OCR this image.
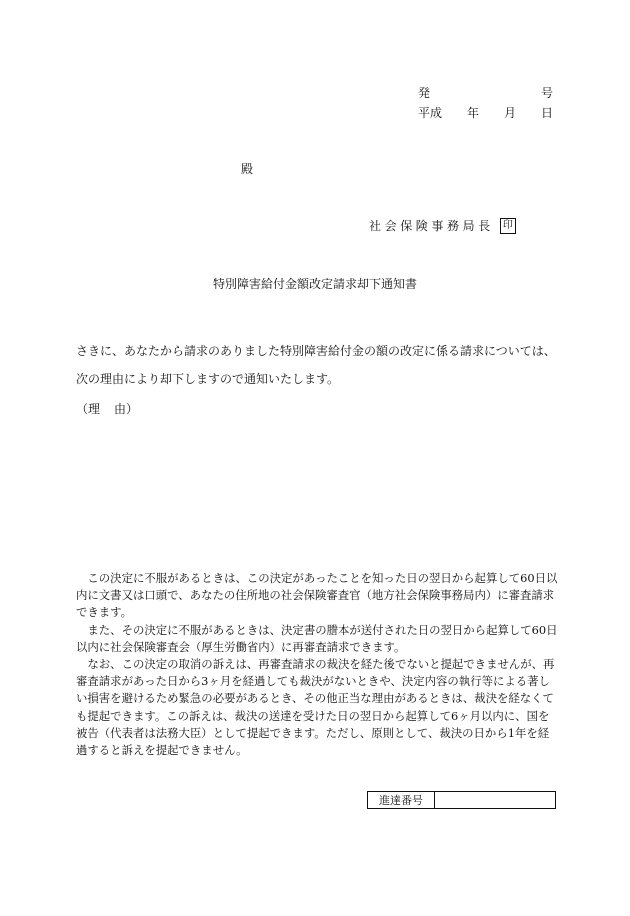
発	号
平成 年 月 日
殿
社会保険事務局長 印
特別障害給付金額改定請求却下通知書
さきに、あなたから請求のありました特別障害給付金の額の改定に係る請求については、
次の理由により却下しますので通知いたします。
（理 由）

この決定に不服があるときは、この決定があったことを知った日の翌日から起算して60日以内に文書又は口頭で、あなたの住所地の社会保険審査官（地方社会保険事務局内）に審査請求できます。

また、その決定に不服があるときは、決定書の謄本が送付された日の翌日から起算して60日以内に社会保険審査会（厚生労働省内）に再審査請求できます。

なお、この決定の取消の訴えは、再審査請求の裁決を経た後でないと提起できませんが、再審査請求があった日から3ヶ月を経過しても裁決がないときや、決定内容の執行等による著しい損害を避けるため緊急の必要があるとき、その他正当な理由があるときは、裁決を経なくても提起できます。この訴えは、裁決の送達を受けた日の翌日から起算して6ヶ月以内に、国を被告（代表者は法務大臣）として提起できます。ただし、原則として、裁決の日から1年を経過すると訴えを提起できません。

進達番号	
